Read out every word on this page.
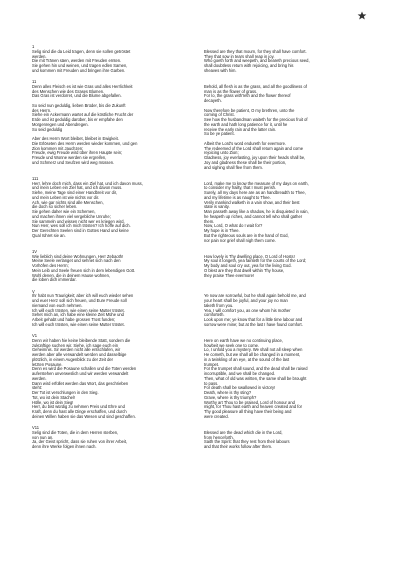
1
Selig sind die da Leid tragen, denn sie sollen getröstet
werden.
Die mit Tränen säen, werden mit Freuden ernten.
Sie gehen hin und weinen, und tragen edlen Samen,
und kommen mit Freuden und bringen ihre Garben.
Blessed are they that mourn, for they shall have comfort.
They that sow in tears shall reap in joy.
Who goeth forth and weepeth, and beareth precious seed,
shall doubtless return with rejoicing, and bring his
sheaves with him.
11
Denn alles Fleisch es ist wie Gras und alles Herrlichkeit
des Menschen wie des Grases Blumen.
Das Gras ist verdorret, und die Blume abgefallen.
So seid nun geduldig, lieben Brüder, bis die Zukunft
des Herrn.
Siehe ein Ackermann wartet auf die köstliche Frucht der
Erde und ist geduldig darüber, bis er empfahe den
Morgenregen und Abendregen.
So seid geduldig
Aber des Herrn Wort bleibet, bleibet in Ewigkeit.
Die Erlöseten des Herrn werden wieder kommen, und gen
Zion kommen mit Jauchzen;
Freude, ewig Freude wird über ihren Haupte sein;
Freude und Wonne werden sie ergreifen,
und Schmerz und Seufzen wird weg müssen.
Behold, all flesh is as the grass, and all the goodliness of
man is as the flower of grass.
For lo, the grass with'reth and the flower thereof
decayeth.
Now therefore be patient, O my brethren, unto the
coming of Christ.
See how the husbandman waiteth for the precious fruit of
the earth and hath long patience for it, until he
receive the early rain and the latter rain.
So be ye patient.
Albeit the Lord's word endureth for evermore.
The redeemed of the Lord shall return again and come
rejoicing unto Zion;
Gladness, joy everlasting, joy upon their heads shall be,
Joy and gladness these shall be their portion,
and sighing shall flee from them.
111
Herr, lehre doch mich, dass ein Ziel hat, und ich davon muss,
und mein Leben ein Ziel hat, und ich davon muss.
Siehe, meine Tage sind einer Handbreit vor dir,
und mein Leben ist wie nichts vor dir.
Ach, wie gar nichts sind alle Menschen,
die doch so sicher leben.
Sie gehen daher wie ein Schemen,
und machen ihnen viel vergebliche Unruhe;
Sie sammeln und wissen nicht wer es kriegen wird.
Nun Herr, wes soll ich mich trösten? Ich hoffe auf dich.
Der Gerechten Seelen sind in Gottes Hand und keine
Qual rühret sie an.
Lord, make me to know the measure of my days on earth,
to consider my frailty, that I must perish.
Surely, all my days here are as an handbreadth to Thee,
and my lifetime is as naught to Thee.
Verily mankind walketh in a vain show, and their best
state is vanity.
Man passeth away like a shadow, he is disquieted in vain,
he heapeth up riches, and cannot tell who shall gather
them.
Now, Lord, O what do I wait for?
My hope is in Thee.
But the righteous souls are in the hand of God,
nor pain nor grief shall nigh them come.
1V
Wie lieblich sind deine Wohnungen, Herr Zebaoth!
Meine Seele verlanget und sehnet sich nach den
Vorhöfen des Herrn;
Mein Leib und Seele freuen sich in dem lebendigen Gott.
Wohl denen, die in deinem Hause wohnen,
die loben dich immerdar.
How lovely is Thy dwelling place, O Lord of Hosts!
My soul it longeth, yea fainteth for the courts of the Lord;
My body and soul cry out, yea for the living God.
O blest are they that dwell within Thy house,
they praise Thee evermore!
V
Ihr habt nun Traurigkeit; aber ich will euch wieder sehen
und euer Herz soll sich freuen, und Eure Freude soll
niemand von euch nehmen.
Ich will euch trösten, wie einen seine Mutter tröstet.
Sehet mich an, ich habe eine kleine Zeit Mühe und
Arbeit gehabt und habe grossen Trost funden;
Ich will euch trösten, wie einen seine Mutter tröstet.
Ye now are sorrowful, but he shall again behold me, and
your heart shall be joyful, and your joy no man
taketh from you.
Yea, I will comfort you, as one whom his mother
comforteth.
Look upon me; ye know that for a little time labour and
sorrow were mine; but at the last I have found comfort.
V1
Denn wir haben hie keine bleibende Statt, sondern die
zukünftige suchen wir. Siehe, ich sage euch ein
Geheimnis. Sir werden nicht alle entschlafen, wir
werden aber alle verwandelt werden und dasselbige
plötzlich, in einem Augenblick zu der Zeit der
letzten Posaune.
Denn es wird die Posaune schallen und die Toten werden
auferstehen unverweslich und wir werden verwandelt
werden.
Dann wird erfüllet werden das Wort, das geschrieben
steht:
Der Tot ist verschlungen in den Sieg.
Tot, wo ist dein Stachel!
Hölle, wo ist dein Sieg!
Herr, du bist würdig zu nehmen Preis und Ehre und
Kraft, denn du hast alle Dinge erschaffen, und durch
deinen Willen haben sie das Wesen und sind geschaffen.
Here on earth have we no continuing place,
howbeit we seek one to come.
Lo, I unfold you a mystery. We shall not all sleep when
He cometh, but we shall all be changed in a moment,
in a twinkling of an eye, at the sound of the last
trumpet.
For the trumpet shall sound, and the dead shall be raised
incorruptible, and we shall be changed.
Then, what of old was written, the same shall be brought
to pass.
For death shall be swallowed in victory!
Death, where is thy sting?
Grave, where is thy triumph?
Worthy art Thou to be praised, Lord of honour and
might, for Thou hast earth and heaven created and for
Thy good pleasure all thing have their being and
were created.
V11
Selig sind die Toten, die in dem Herren sterben,
von nun an.
Ja, der Geist spricht, dass sie ruhen von ihrer Arbeit,
denn ihre Werke folgen ihnen nach.
Blessed are the dead which die in the Lord,
from henceforth,
Saith the Spirit: that they rest from their labours
and that their works follow after them.
